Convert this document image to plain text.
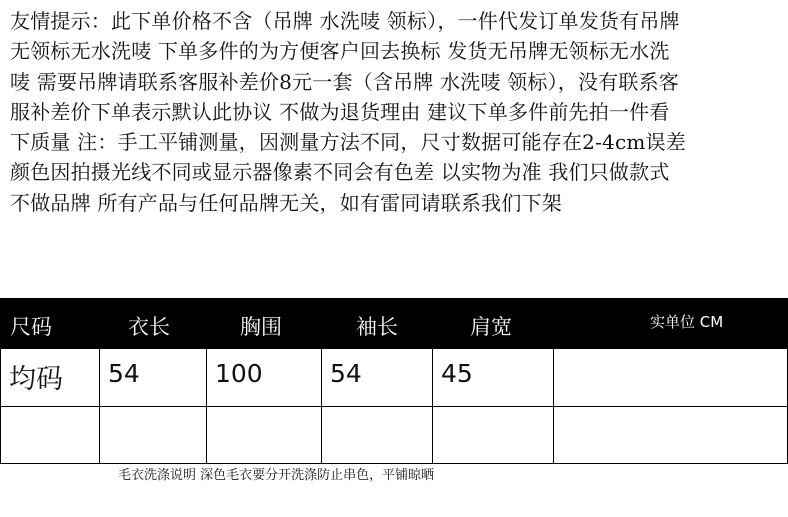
友情提示：此下单价格不含（吊牌 水洗唛 领标），一件代发订单发货有吊牌
无领标无水洗唛 下单多件的为方便客户回去换标 发货无吊牌无领标无水洗
唛 需要吊牌请联系客服补差价8元一套（含吊牌 水洗唛 领标），没有联系客
服补差价下单表示默认此协议 不做为退货理由 建议下单多件前先拍一件看
下质量 注：手工平铺测量，因测量方法不同，尺寸数据可能存在2-4cm误差
颜色因拍摄光线不同或显示器像素不同会有色差 以实物为准 我们只做款式
不做品牌 所有产品与任何品牌无关，如有雷同请联系我们下架
尺码	衣长	胸围	袖长	肩宽	实单位 CM
均码 54	100	54	45
毛衣洗涤说明 深色毛衣要分开洗涤防止串色，平铺晾晒
